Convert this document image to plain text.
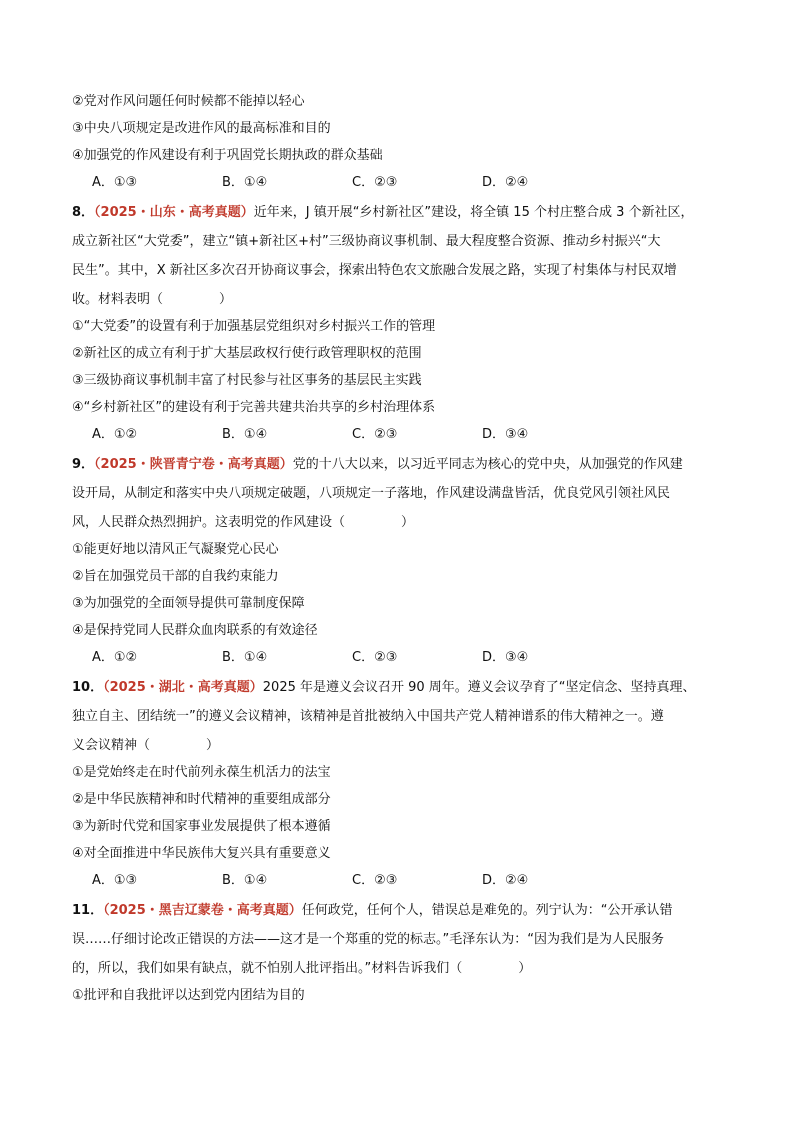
②党对作风问题任何时候都不能掉以轻心

③中央八项规定是改进作风的最高标准和目的

④加强党的作风建设有利于巩固党长期执政的群众基础

A．①③	B．①④	C．②③	D．②④

8．（2025・山东・高考真题）近年来，J 镇开展“乡村新社区”建设，将全镇 15 个村庄整合成 3 个新社区，
成立新社区“大党委”，建立“镇+新社区+村”三级协商议事机制、最大程度整合资源、推动乡村振兴“大
民生”。其中，X 新社区多次召开协商议事会，探索出特色农文旅融合发展之路，实现了村集体与村民双增
收。材料表明（	）

①“大党委”的设置有利于加强基层党组织对乡村振兴工作的管理

②新社区的成立有利于扩大基层政权行使行政管理职权的范围

③三级协商议事机制丰富了村民参与社区事务的基层民主实践

④“乡村新社区”的建设有利于完善共建共治共享的乡村治理体系

A．①②	B．①④	C．②③	D．③④

9．（2025・陕晋青宁卷・高考真题）党的十八大以来，以习近平同志为核心的党中央，从加强党的作风建
设开局，从制定和落实中央八项规定破题，八项规定一子落地，作风建设满盘皆活，优良党风引领社风民
风，人民群众热烈拥护。这表明党的作风建设（	）

①能更好地以清风正气凝聚党心民心

②旨在加强党员干部的自我约束能力

③为加强党的全面领导提供可靠制度保障

④是保持党同人民群众血肉联系的有效途径

A．①②	B．①④	C．②③	D．③④

10．（2025・湖北・高考真题）2025 年是遵义会议召开 90 周年。遵义会议孕育了“坚定信念、坚持真理、
独立自主、团结统一”的遵义会议精神，该精神是首批被纳入中国共产党人精神谱系的伟大精神之一。遵
义会议精神（	）

①是党始终走在时代前列永葆生机活力的法宝

②是中华民族精神和时代精神的重要组成部分

③为新时代党和国家事业发展提供了根本遵循

④对全面推进中华民族伟大复兴具有重要意义

A．①③	B．①④	C．②③	D．②④

11．（2025・黑吉辽蒙卷・高考真题）任何政党，任何个人，错误总是难免的。列宁认为：“公开承认错
误……仔细讨论改正错误的方法——这才是一个郑重的党的标志。”毛泽东认为：“因为我们是为人民服务
的，所以，我们如果有缺点，就不怕别人批评指出。”材料告诉我们（	）

①批评和自我批评以达到党内团结为目的
